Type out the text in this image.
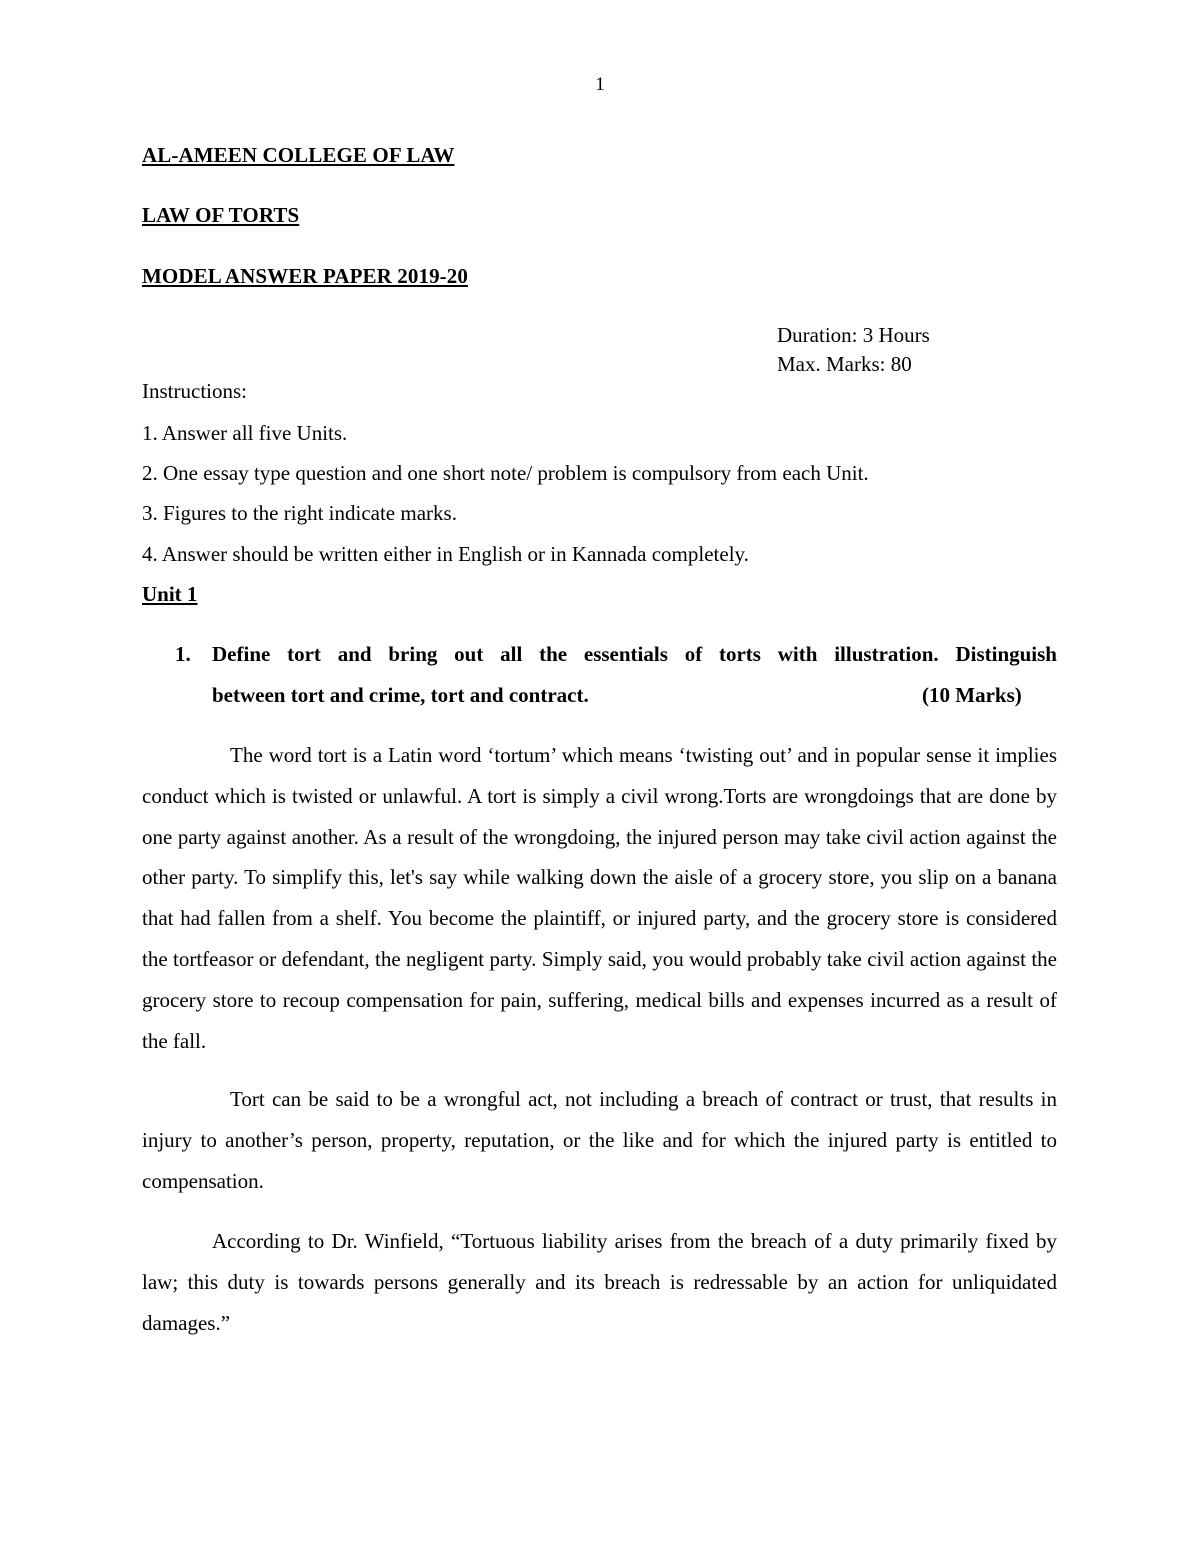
1
AL-AMEEN COLLEGE OF LAW
LAW OF TORTS
MODEL ANSWER PAPER 2019-20
Duration: 3 Hours
Max. Marks: 80
Instructions:
1. Answer all five Units.
2. One essay type question and one short note/ problem is compulsory from each Unit.
3. Figures to the right indicate marks.
4. Answer should be written either in English or in Kannada completely.
Unit 1
1. Define tort and bring out all the essentials of torts with illustration. Distinguish
between tort and crime, tort and contract.	(10 Marks)

The word tort is a Latin word ‘tortum’ which means ‘twisting out’ and in popular sense it implies conduct which is twisted or unlawful. A tort is simply a civil wrong.Torts are wrongdoings that are done by one party against another. As a result of the wrongdoing, the injured person may take civil action against the other party. To simplify this, let's say while walking down the aisle of a grocery store, you slip on a banana that had fallen from a shelf. You become the plaintiff, or injured party, and the grocery store is considered the tortfeasor or defendant, the negligent party. Simply said, you would probably take civil action against the grocery store to recoup compensation for pain, suffering, medical bills and expenses incurred as a result of the fall.

Tort can be said to be a wrongful act, not including a breach of contract or trust, that results in injury to another’s person, property, reputation, or the like and for which the injured party is entitled to compensation.

According to Dr. Winfield, “Tortuous liability arises from the breach of a duty primarily fixed by law; this duty is towards persons generally and its breach is redressable by an action for unliquidated damages.”
